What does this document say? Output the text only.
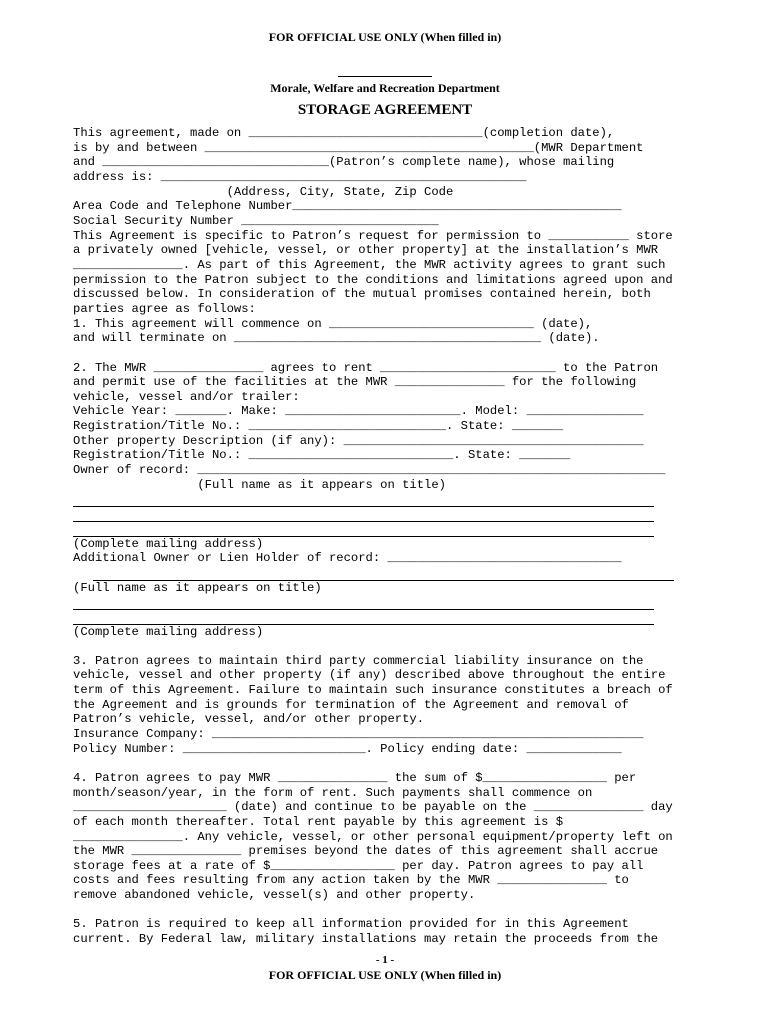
FOR OFFICIAL USE ONLY (When filled in)
Morale, Welfare and Recreation Department
STORAGE AGREEMENT

This agreement, made on ________________________________(completion date),

is by and between _____________________________________________(MWR Department

and _______________________________(Patron’s complete name), whose mailing

address is: __________________________________________________

(Address, City, State, Zip Code

Area Code and Telephone Number_____________________________________________

Social Security Number ___________________________

This Agreement is specific to Patron’s request for permission to ___________ store

a privately owned [vehicle, vessel, or other property] at the installation’s MWR

_______________. As part of this Agreement, the MWR activity agrees to grant such

permission to the Patron subject to the conditions and limitations agreed upon and

discussed below. In consideration of the mutual promises contained herein, both

parties agree as follows:

1. This agreement will commence on ____________________________ (date),

and will terminate on __________________________________________ (date).

2. The MWR _______________ agrees to rent ________________________ to the Patron

and permit use of the facilities at the MWR _______________ for the following

vehicle, vessel and/or trailer:

Vehicle Year: _______. Make: ________________________. Model: ________________

Registration/Title No.: ___________________________. State: _______

Other property Description (if any): _________________________________________

Registration/Title No.: ____________________________. State: _______

Owner of record: ________________________________________________________________

(Full name as it appears on title)

(Complete mailing address)

Additional Owner or Lien Holder of record: ________________________________

(Full name as it appears on title)

(Complete mailing address)

3. Patron agrees to maintain third party commercial liability insurance on the

vehicle, vessel and other property (if any) described above throughout the entire

term of this Agreement. Failure to maintain such insurance constitutes a breach of

the Agreement and is grounds for termination of the Agreement and removal of

Patron’s vehicle, vessel, and/or other property.

Insurance Company: ___________________________________________________________

Policy Number: _________________________. Policy ending date: _____________

4. Patron agrees to pay MWR _______________ the sum of $_________________ per

month/season/year, in the form of rent. Such payments shall commence on

_____________________ (date) and continue to be payable on the _______________ day

of each month thereafter. Total rent payable by this agreement is $

_______________. Any vehicle, vessel, or other personal equipment/property left on

the MWR _______________ premises beyond the dates of this agreement shall accrue

storage fees at a rate of $_________________ per day. Patron agrees to pay all

costs and fees resulting from any action taken by the MWR _______________ to

remove abandoned vehicle, vessel(s) and other property.

5. Patron is required to keep all information provided for in this Agreement

current. By Federal law, military installations may retain the proceeds from the

- 1 -
FOR OFFICIAL USE ONLY (When filled in)
